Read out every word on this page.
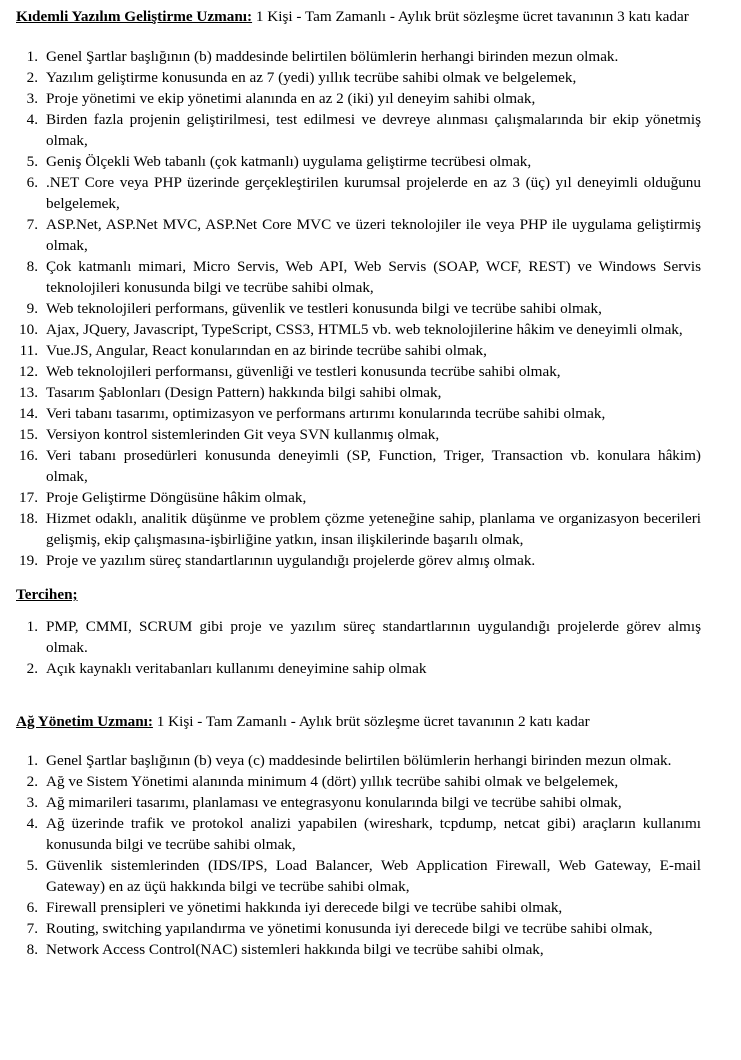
Kıdemli Yazılım Geliştirme Uzmanı: 1 Kişi - Tam Zamanlı - Aylık brüt sözleşme ücret tavanının 3 katı kadar

1. Genel Şartlar başlığının (b) maddesinde belirtilen bölümlerin herhangi birinden mezun olmak.
2. Yazılım geliştirme konusunda en az 7 (yedi) yıllık tecrübe sahibi olmak ve belgelemek,
3. Proje yönetimi ve ekip yönetimi alanında en az 2 (iki) yıl deneyim sahibi olmak,
4. Birden fazla projenin geliştirilmesi, test edilmesi ve devreye alınması çalışmalarında bir ekip yönetmiş olmak,
5. Geniş Ölçekli Web tabanlı (çok katmanlı) uygulama geliştirme tecrübesi olmak,
6. .NET Core veya PHP üzerinde gerçekleştirilen kurumsal projelerde en az 3 (üç) yıl deneyimli olduğunu belgelemek,
7. ASP.Net, ASP.Net MVC, ASP.Net Core MVC ve üzeri teknolojiler ile veya PHP ile uygulama geliştirmiş olmak,
8. Çok katmanlı mimari, Micro Servis, Web API, Web Servis (SOAP, WCF, REST) ve Windows Servis teknolojileri konusunda bilgi ve tecrübe sahibi olmak,
9. Web teknolojileri performans, güvenlik ve testleri konusunda bilgi ve tecrübe sahibi olmak,
10. Ajax, JQuery, Javascript, TypeScript, CSS3, HTML5 vb. web teknolojilerine hâkim ve deneyimli olmak,
11. Vue.JS, Angular, React konularından en az birinde tecrübe sahibi olmak,
12. Web teknolojileri performansı, güvenliği ve testleri konusunda tecrübe sahibi olmak,
13. Tasarım Şablonları (Design Pattern) hakkında bilgi sahibi olmak,
14. Veri tabanı tasarımı, optimizasyon ve performans artırımı konularında tecrübe sahibi olmak,
15. Versiyon kontrol sistemlerinden Git veya SVN kullanmış olmak,
16. Veri tabanı prosedürleri konusunda deneyimli (SP, Function, Triger, Transaction vb. konulara hâkim) olmak,
17. Proje Geliştirme Döngüsüne hâkim olmak,
18. Hizmet odaklı, analitik düşünme ve problem çözme yeteneğine sahip, planlama ve organizasyon becerileri gelişmiş, ekip çalışmasına-işbirliğine yatkın, insan ilişkilerinde başarılı olmak,
19. Proje ve yazılım süreç standartlarının uygulandığı projelerde görev almış olmak.

Tercihen;

1. PMP, CMMI, SCRUM gibi proje ve yazılım süreç standartlarının uygulandığı projelerde görev almış olmak.
2. Açık kaynaklı veritabanları kullanımı deneyimine sahip olmak

Ağ Yönetim Uzmanı: 1 Kişi - Tam Zamanlı - Aylık brüt sözleşme ücret tavanının 2 katı kadar

1. Genel Şartlar başlığının (b) veya (c) maddesinde belirtilen bölümlerin herhangi birinden mezun olmak.
2. Ağ ve Sistem Yönetimi alanında minimum 4 (dört) yıllık tecrübe sahibi olmak ve belgelemek,
3. Ağ mimarileri tasarımı, planlaması ve entegrasyonu konularında bilgi ve tecrübe sahibi olmak,
4. Ağ üzerinde trafik ve protokol analizi yapabilen (wireshark, tcpdump, netcat gibi) araçların kullanımı konusunda bilgi ve tecrübe sahibi olmak,
5. Güvenlik sistemlerinden (IDS/IPS, Load Balancer, Web Application Firewall, Web Gateway, E-mail Gateway) en az üçü hakkında bilgi ve tecrübe sahibi olmak,
6. Firewall prensipleri ve yönetimi hakkında iyi derecede bilgi ve tecrübe sahibi olmak,
7. Routing, switching yapılandırma ve yönetimi konusunda iyi derecede bilgi ve tecrübe sahibi olmak,
8. Network Access Control(NAC) sistemleri hakkında bilgi ve tecrübe sahibi olmak,
